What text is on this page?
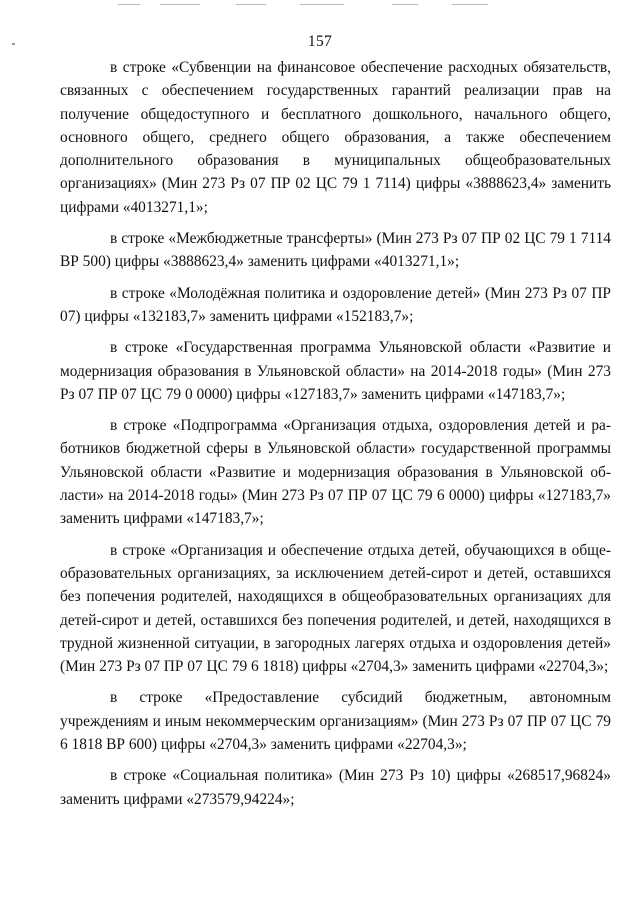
157

в строке «Субвенции на финансовое обеспечение расходных обязательств, связанных с обеспечением государственных гарантий реализации прав на получение общедоступного и бесплатного дошкольного, начального общего, основного общего, среднего общего образования, а также обеспечением дополнительного образования в муниципальных общеобразовательных организациях» (Мин 273 Рз 07 ПР 02 ЦС 79 1 7114) цифры «3888623,4» заменить цифрами «4013271,1»;

в строке «Межбюджетные трансферты» (Мин 273 Рз 07 ПР 02 ЦС 79 1 7114 ВР 500) цифры «3888623,4» заменить цифрами «4013271,1»;

в строке «Молодёжная политика и оздоровление детей» (Мин 273 Рз 07 ПР 07) цифры «132183,7» заменить цифрами «152183,7»;

в строке «Государственная программа Ульяновской области «Развитие и модернизация образования в Ульяновской области» на 2014-2018 годы» (Мин 273 Рз 07 ПР 07 ЦС 79 0 0000) цифры «127183,7» заменить цифрами «147183,7»;

в строке «Подпрограмма «Организация отдыха, оздоровления детей и работников бюджетной сферы в Ульяновской области» государственной программы Ульяновской области «Развитие и модернизация образования в Ульяновской области» на 2014-2018 годы» (Мин 273 Рз 07 ПР 07 ЦС 79 6 0000) цифры «127183,7» заменить цифрами «147183,7»;

в строке «Организация и обеспечение отдыха детей, обучающихся в общеобразовательных организациях, за исключением детей-сирот и детей, оставшихся без попечения родителей, находящихся в общеобразовательных организациях для детей-сирот и детей, оставшихся без попечения родителей, и детей, находящихся в трудной жизненной ситуации, в загородных лагерях отдыха и оздоровления детей» (Мин 273 Рз 07 ПР 07 ЦС 79 6 1818) цифры «2704,3» заменить цифрами «22704,3»;

в строке «Предоставление субсидий бюджетным, автономным учреждениям и иным некоммерческим организациям» (Мин 273 Рз 07 ПР 07 ЦС 79 6 1818 ВР 600) цифры «2704,3» заменить цифрами «22704,3»;

в строке «Социальная политика» (Мин 273 Рз 10) цифры «268517,96824» заменить цифрами «273579,94224»;
